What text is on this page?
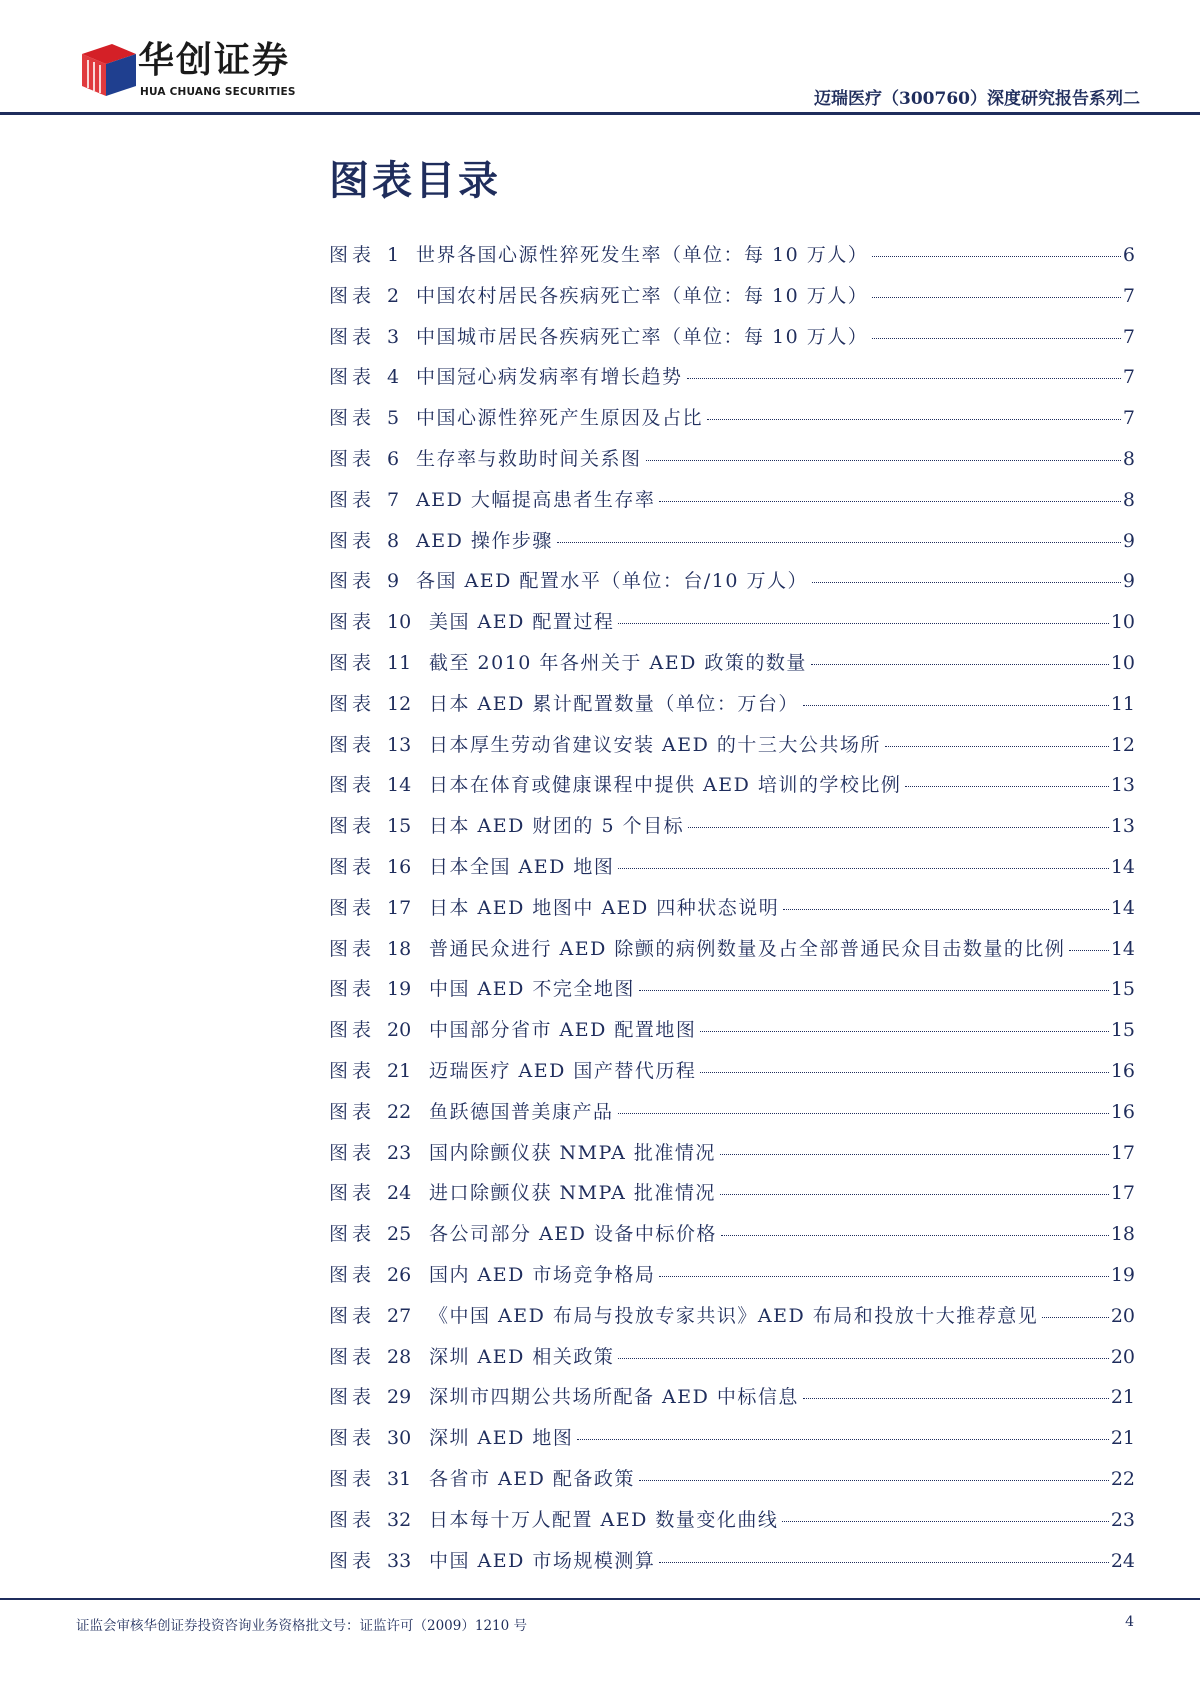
华创证券
HUA CHUANG SECURITIES	迈瑞医疗（300760）深度研究报告系列二
图表目录
图表 1 世界各国心源性猝死发生率（单位：每 10 万人）	6
图表 2 中国农村居民各疾病死亡率（单位：每 10 万人）	7
图表 3 中国城市居民各疾病死亡率（单位：每 10 万人）	7
图表 4 中国冠心病发病率有增长趋势	7
图表 5 中国心源性猝死产生原因及占比	7
图表 6 生存率与救助时间关系图	8
图表 7 AED 大幅提高患者生存率	8
图表 8 AED 操作步骤	9
图表 9 各国 AED 配置水平（单位：台/10 万人）	9
图表 10 美国 AED 配置过程	10
图表 11 截至 2010 年各州关于 AED 政策的数量	10
图表 12 日本 AED 累计配置数量（单位：万台）	11
图表 13 日本厚生劳动省建议安装 AED 的十三大公共场所	12
图表 14 日本在体育或健康课程中提供 AED 培训的学校比例	13
图表 15 日本 AED 财团的 5 个目标	13
图表 16 日本全国 AED 地图	14
图表 17 日本 AED 地图中 AED 四种状态说明	14
图表 18 普通民众进行 AED 除颤的病例数量及占全部普通民众目击数量的比例 14
图表 19 中国 AED 不完全地图	15
图表 20 中国部分省市 AED 配置地图	15
图表 21 迈瑞医疗 AED 国产替代历程	16
图表 22 鱼跃德国普美康产品	16
图表 23 国内除颤仪获 NMPA 批准情况	17
图表 24 进口除颤仪获 NMPA 批准情况	17
图表 25 各公司部分 AED 设备中标价格	18
图表 26 国内 AED 市场竞争格局	19
图表 27 《中国 AED 布局与投放专家共识》AED 布局和投放十大推荐意见	20
图表 28 深圳 AED 相关政策	20
图表 29 深圳市四期公共场所配备 AED 中标信息	21
图表 30 深圳 AED 地图	21
图表 31 各省市 AED 配备政策	22
图表 32 日本每十万人配置 AED 数量变化曲线	23
图表 33 中国 AED 市场规模测算	24
证监会审核华创证券投资咨询业务资格批文号：证监许可（2009）1210 号	4
